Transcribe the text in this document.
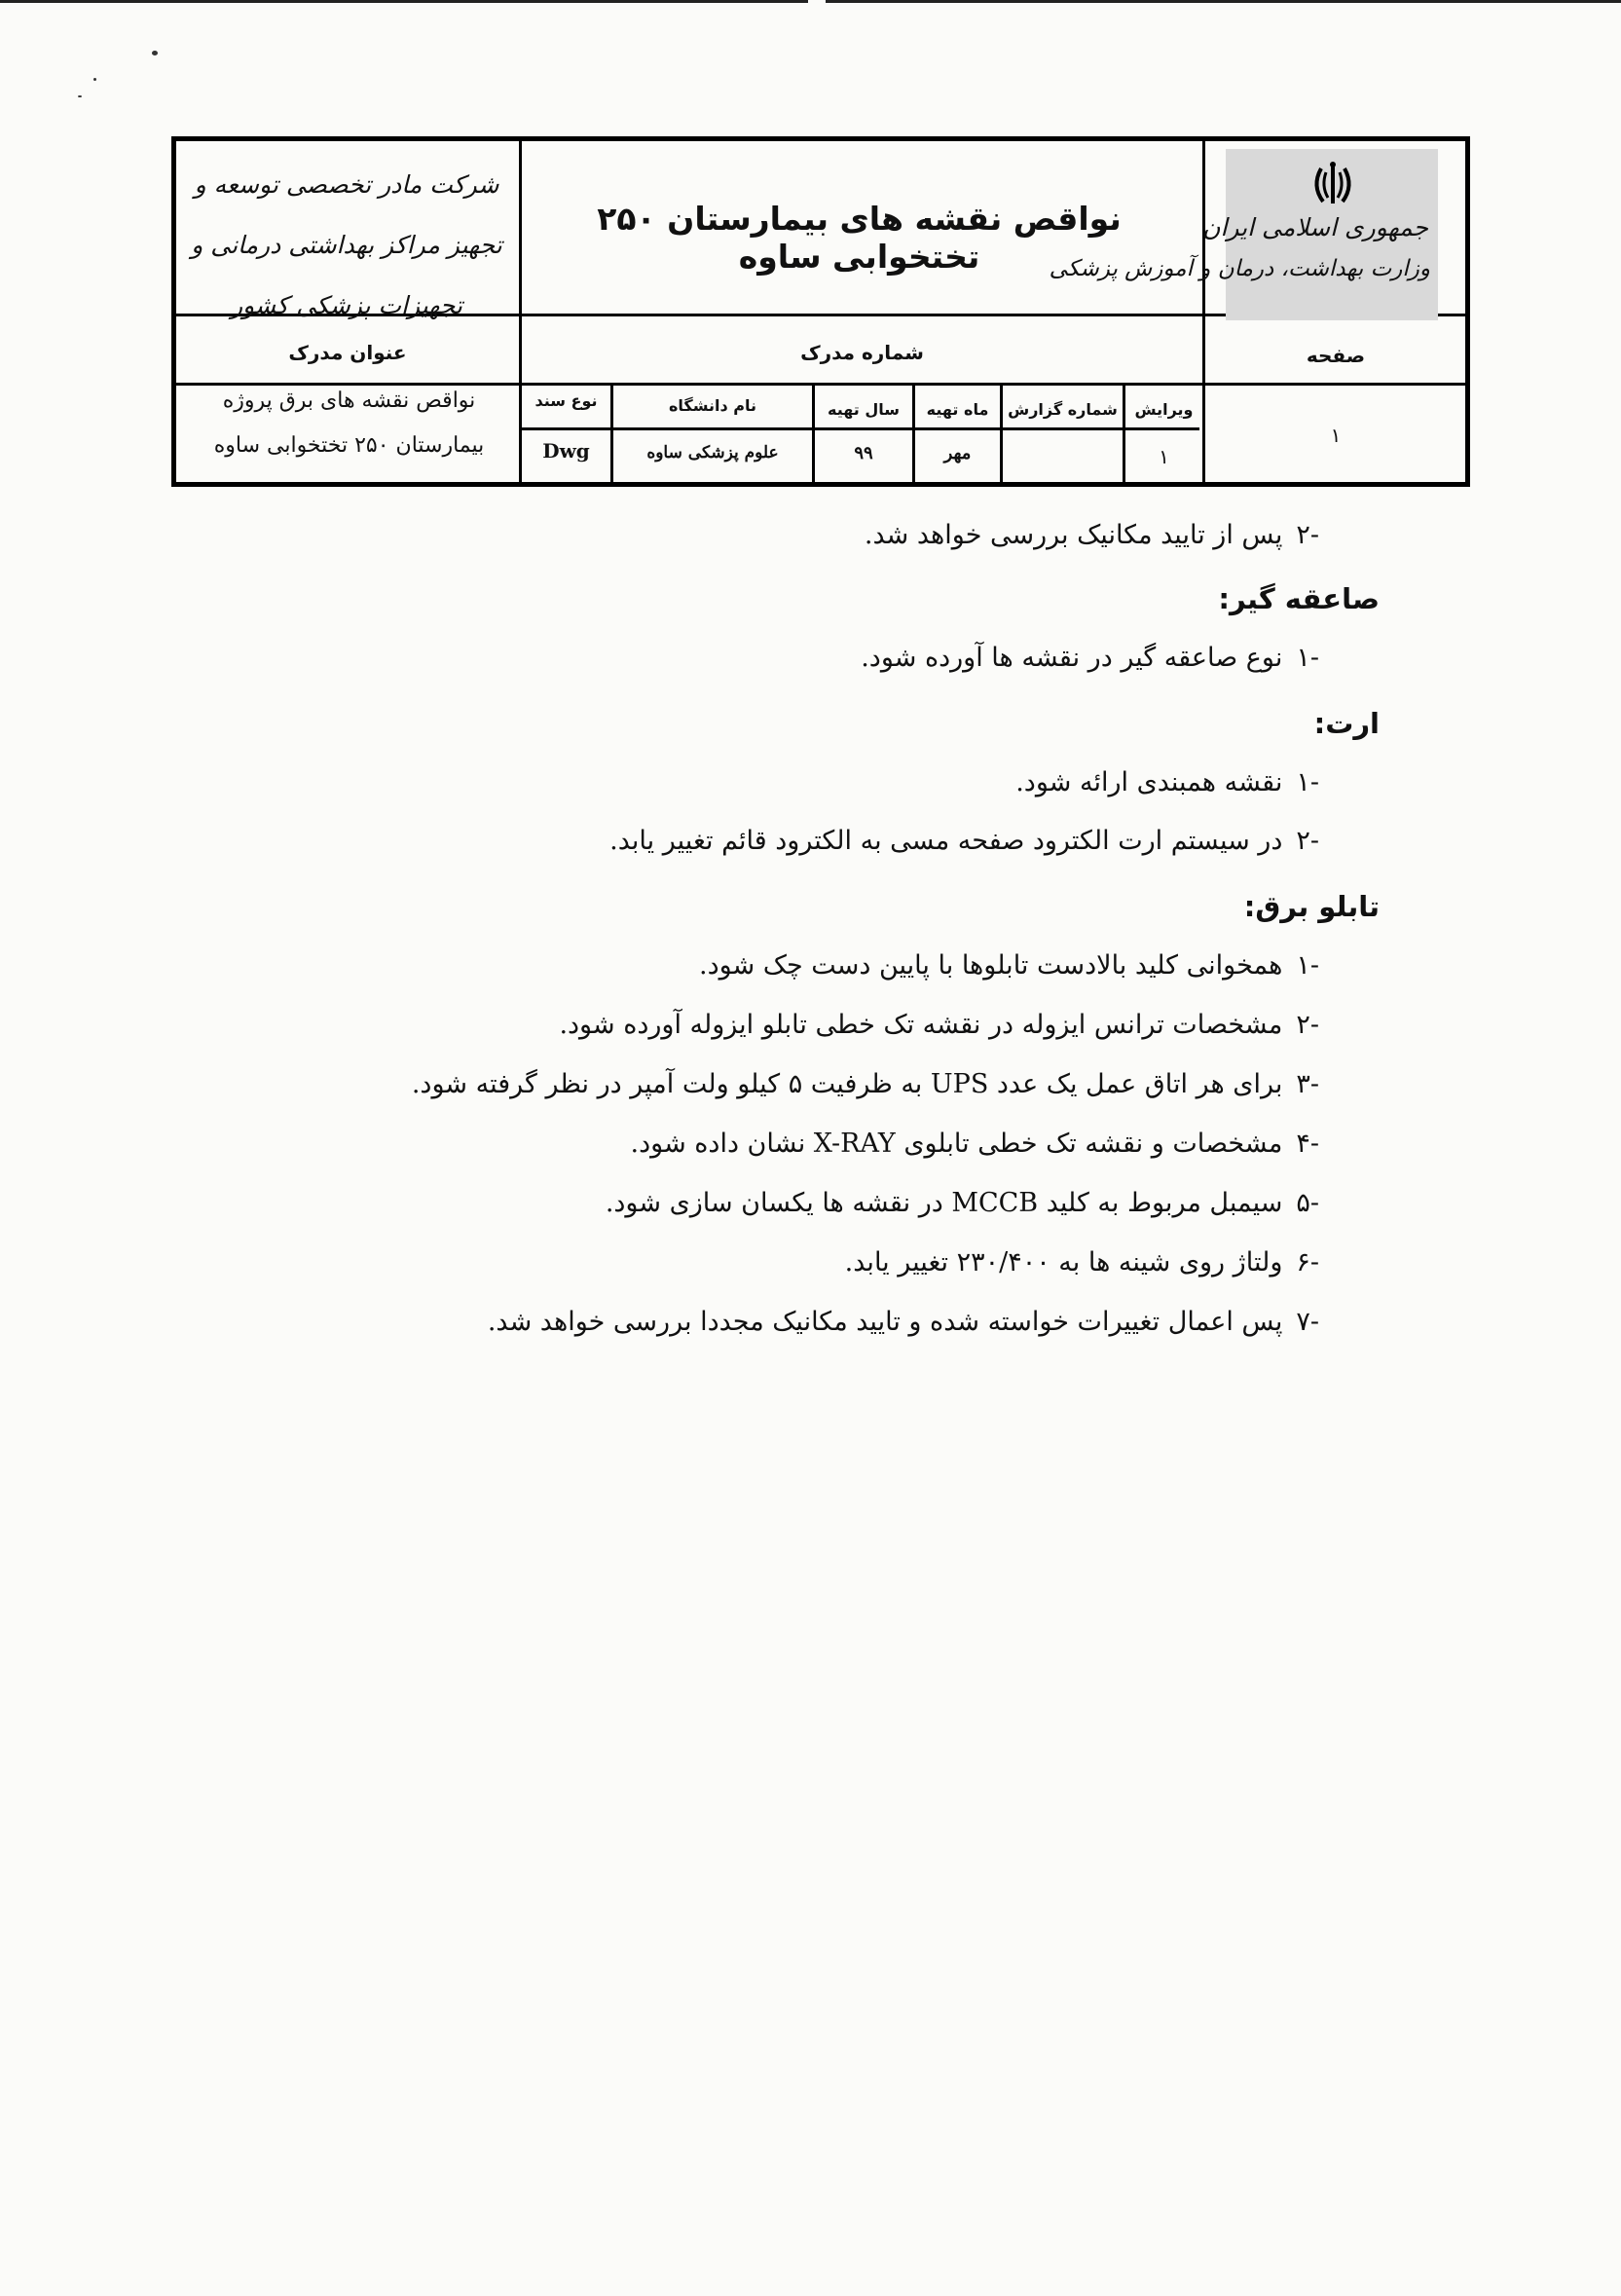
جمهوری اسلامی ایران
وزارت بهداشت، درمان و آموزش پزشکی
نواقص نقشه های بیمارستان ۲۵۰ تختخوابی ساوه
شرکت مادر تخصصی توسعه و تجهیز مراکز بهداشتی درمانی و تجهیزات پزشکی کشور
صفحه
شماره مدرک
عنوان مدرک
ویرایش
شماره گزارش
ماه تهیه
سال تهیه
نام دانشگاه
نوع سند
۱
۱
مهر
۹۹
علوم پزشکی ساوه
Dwg
نواقص نقشه های برق پروژه
بیمارستان ۲۵۰ تختخوابی ساوه
-۲پس از تایید مکانیک بررسی خواهد شد.
صاعقه گیر:
-۱نوع صاعقه گیر در نقشه ها آورده شود.
ارت:
-۱نقشه همبندی ارائه شود.
-۲در سیستم ارت الکترود صفحه مسی به الکترود قائم تغییر یابد.
تابلو برق:
-۱همخوانی کلید بالادست تابلوها با پایین دست چک شود.
-۲مشخصات ترانس ایزوله در نقشه تک خطی تابلو ایزوله آورده شود.
-۳برای هر اتاق عمل یک عدد UPS به ظرفیت ۵ کیلو ولت آمپر در نظر گرفته شود.
-۴مشخصات و نقشه تک خطی تابلوی X-RAY نشان داده شود.
-۵سیمبل مربوط به کلید MCCB در نقشه ها یکسان سازی شود.
-۶ولتاژ روی شینه ها به ۲۳۰/۴۰۰ تغییر یابد.
-۷پس اعمال تغییرات خواسته شده و تایید مکانیک مجددا بررسی خواهد شد.
